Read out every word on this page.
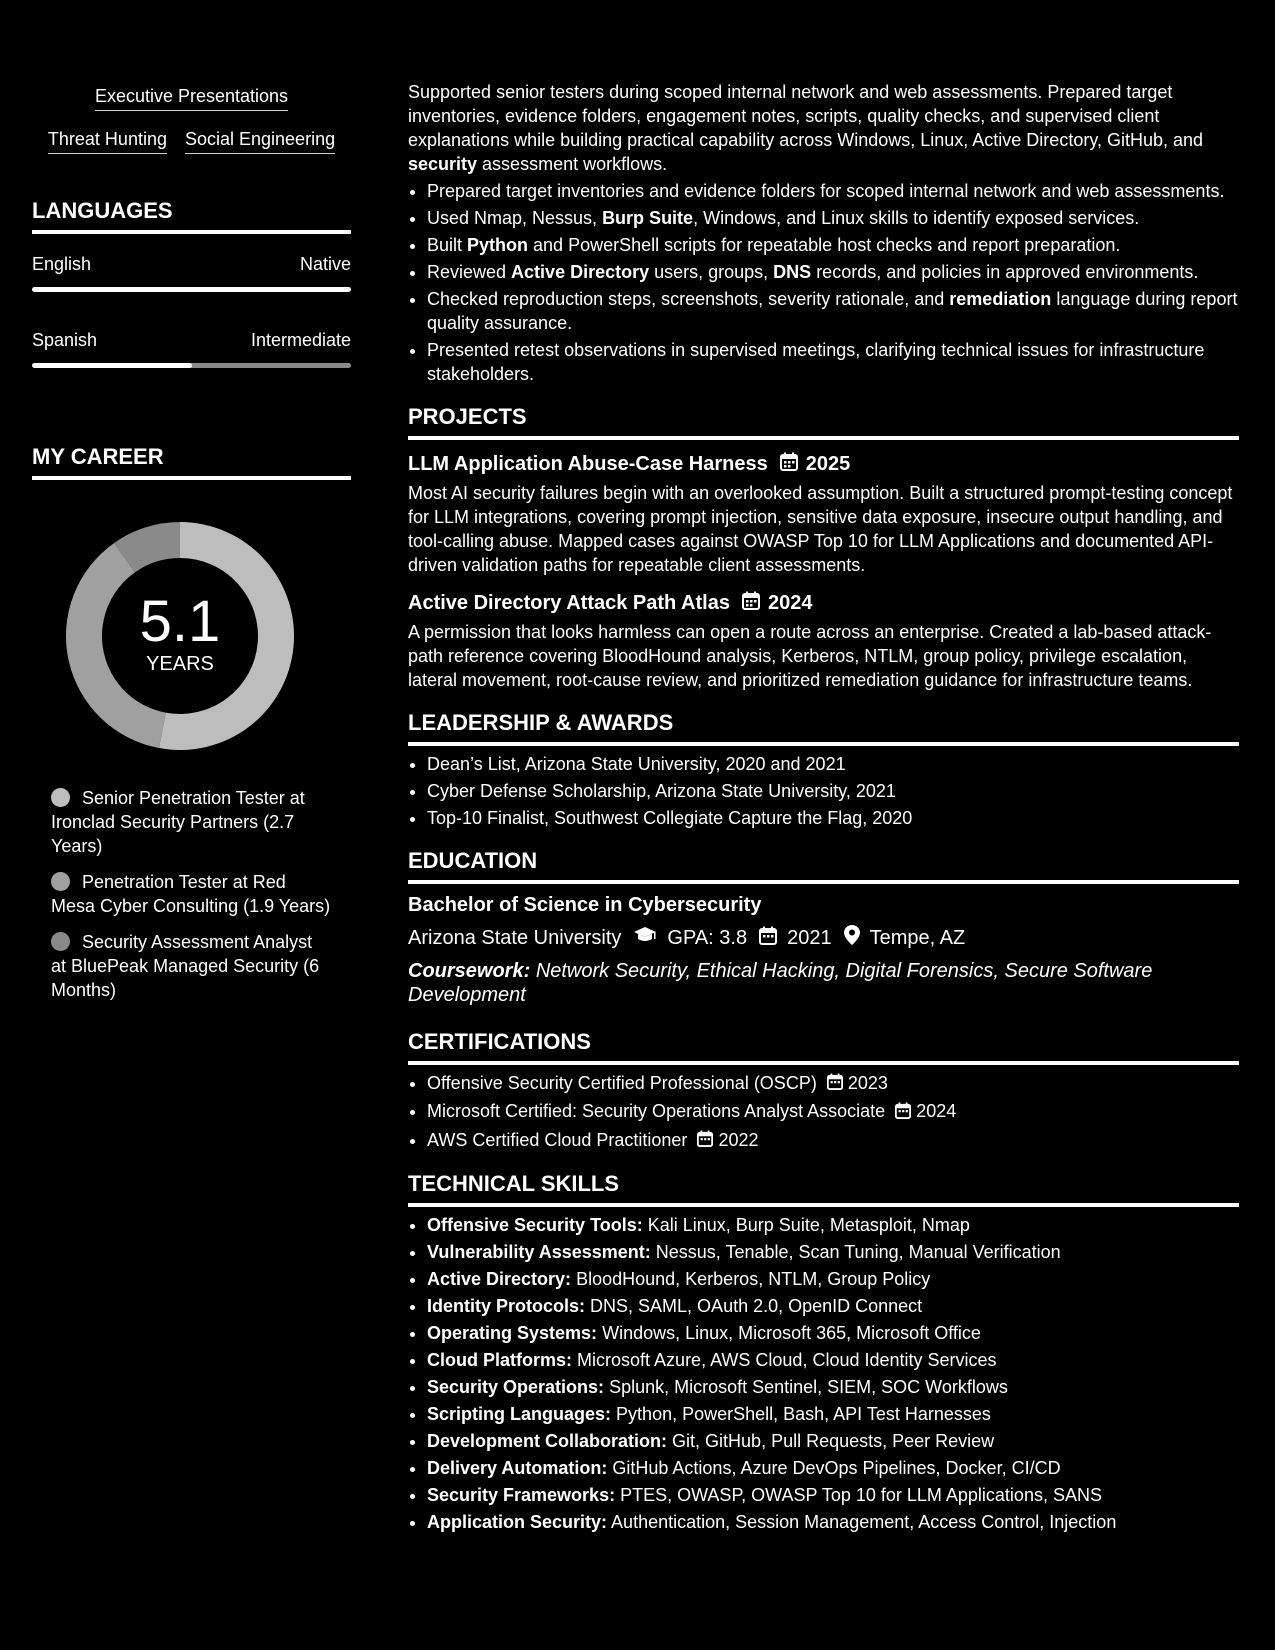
Executive Presentations
Threat Hunting Social Engineering
LANGUAGES
English	Native
Spanish	Intermediate
MY CAREER
5.1
YEARS
Senior Penetration Tester at Ironclad Security Partners (2.7 Years)
Penetration Tester at Red Mesa Cyber Consulting (1.9 Years)
Security Assessment Analyst at BluePeak Managed Security (6 Months)

Supported senior testers during scoped internal network and web assessments. Prepared target inventories, evidence folders, engagement notes, scripts, quality checks, and supervised client explanations while building practical capability across Windows, Linux, Active Directory, GitHub, and security assessment workflows.

• Prepared target inventories and evidence folders for scoped internal network and web assessments.
• Used Nmap, Nessus, Burp Suite, Windows, and Linux skills to identify exposed services.
• Built Python and PowerShell scripts for repeatable host checks and report preparation.
• Reviewed Active Directory users, groups, DNS records, and policies in approved environments.
• Checked reproduction steps, screenshots, severity rationale, and remediation language during report quality assurance.
• Presented retest observations in supervised meetings, clarifying technical issues for infrastructure stakeholders.
PROJECTS
LLM Application Abuse-Case Harness 2025

Most AI security failures begin with an overlooked assumption. Built a structured prompt-testing concept for LLM integrations, covering prompt injection, sensitive data exposure, insecure output handling, and tool-calling abuse. Mapped cases against OWASP Top 10 for LLM Applications and documented API-driven validation paths for repeatable client assessments.

Active Directory Attack Path Atlas 2024

A permission that looks harmless can open a route across an enterprise. Created a lab-based attack-path reference covering BloodHound analysis, Kerberos, NTLM, group policy, privilege escalation, lateral movement, root-cause review, and prioritized remediation guidance for infrastructure teams.

LEADERSHIP & AWARDS
• Dean’s List, Arizona State University, 2020 and 2021
• Cyber Defense Scholarship, Arizona State University, 2021
• Top-10 Finalist, Southwest Collegiate Capture the Flag, 2020
EDUCATION
Bachelor of Science in Cybersecurity
Arizona State University GPA: 3.8 2021 Tempe, AZ
Coursework: Network Security, Ethical Hacking, Digital Forensics, Secure Software Development
CERTIFICATIONS
• Offensive Security Certified Professional (OSCP) 2023
• Microsoft Certified: Security Operations Analyst Associate 2024
• AWS Certified Cloud Practitioner 2022
TECHNICAL SKILLS
• Offensive Security Tools: Kali Linux, Burp Suite, Metasploit, Nmap
• Vulnerability Assessment: Nessus, Tenable, Scan Tuning, Manual Verification
• Active Directory: BloodHound, Kerberos, NTLM, Group Policy
• Identity Protocols: DNS, SAML, OAuth 2.0, OpenID Connect
• Operating Systems: Windows, Linux, Microsoft 365, Microsoft Office
• Cloud Platforms: Microsoft Azure, AWS Cloud, Cloud Identity Services
• Security Operations: Splunk, Microsoft Sentinel, SIEM, SOC Workflows
• Scripting Languages: Python, PowerShell, Bash, API Test Harnesses
• Development Collaboration: Git, GitHub, Pull Requests, Peer Review
• Delivery Automation: GitHub Actions, Azure DevOps Pipelines, Docker, CI/CD
• Security Frameworks: PTES, OWASP, OWASP Top 10 for LLM Applications, SANS
• Application Security: Authentication, Session Management, Access Control, Injection
